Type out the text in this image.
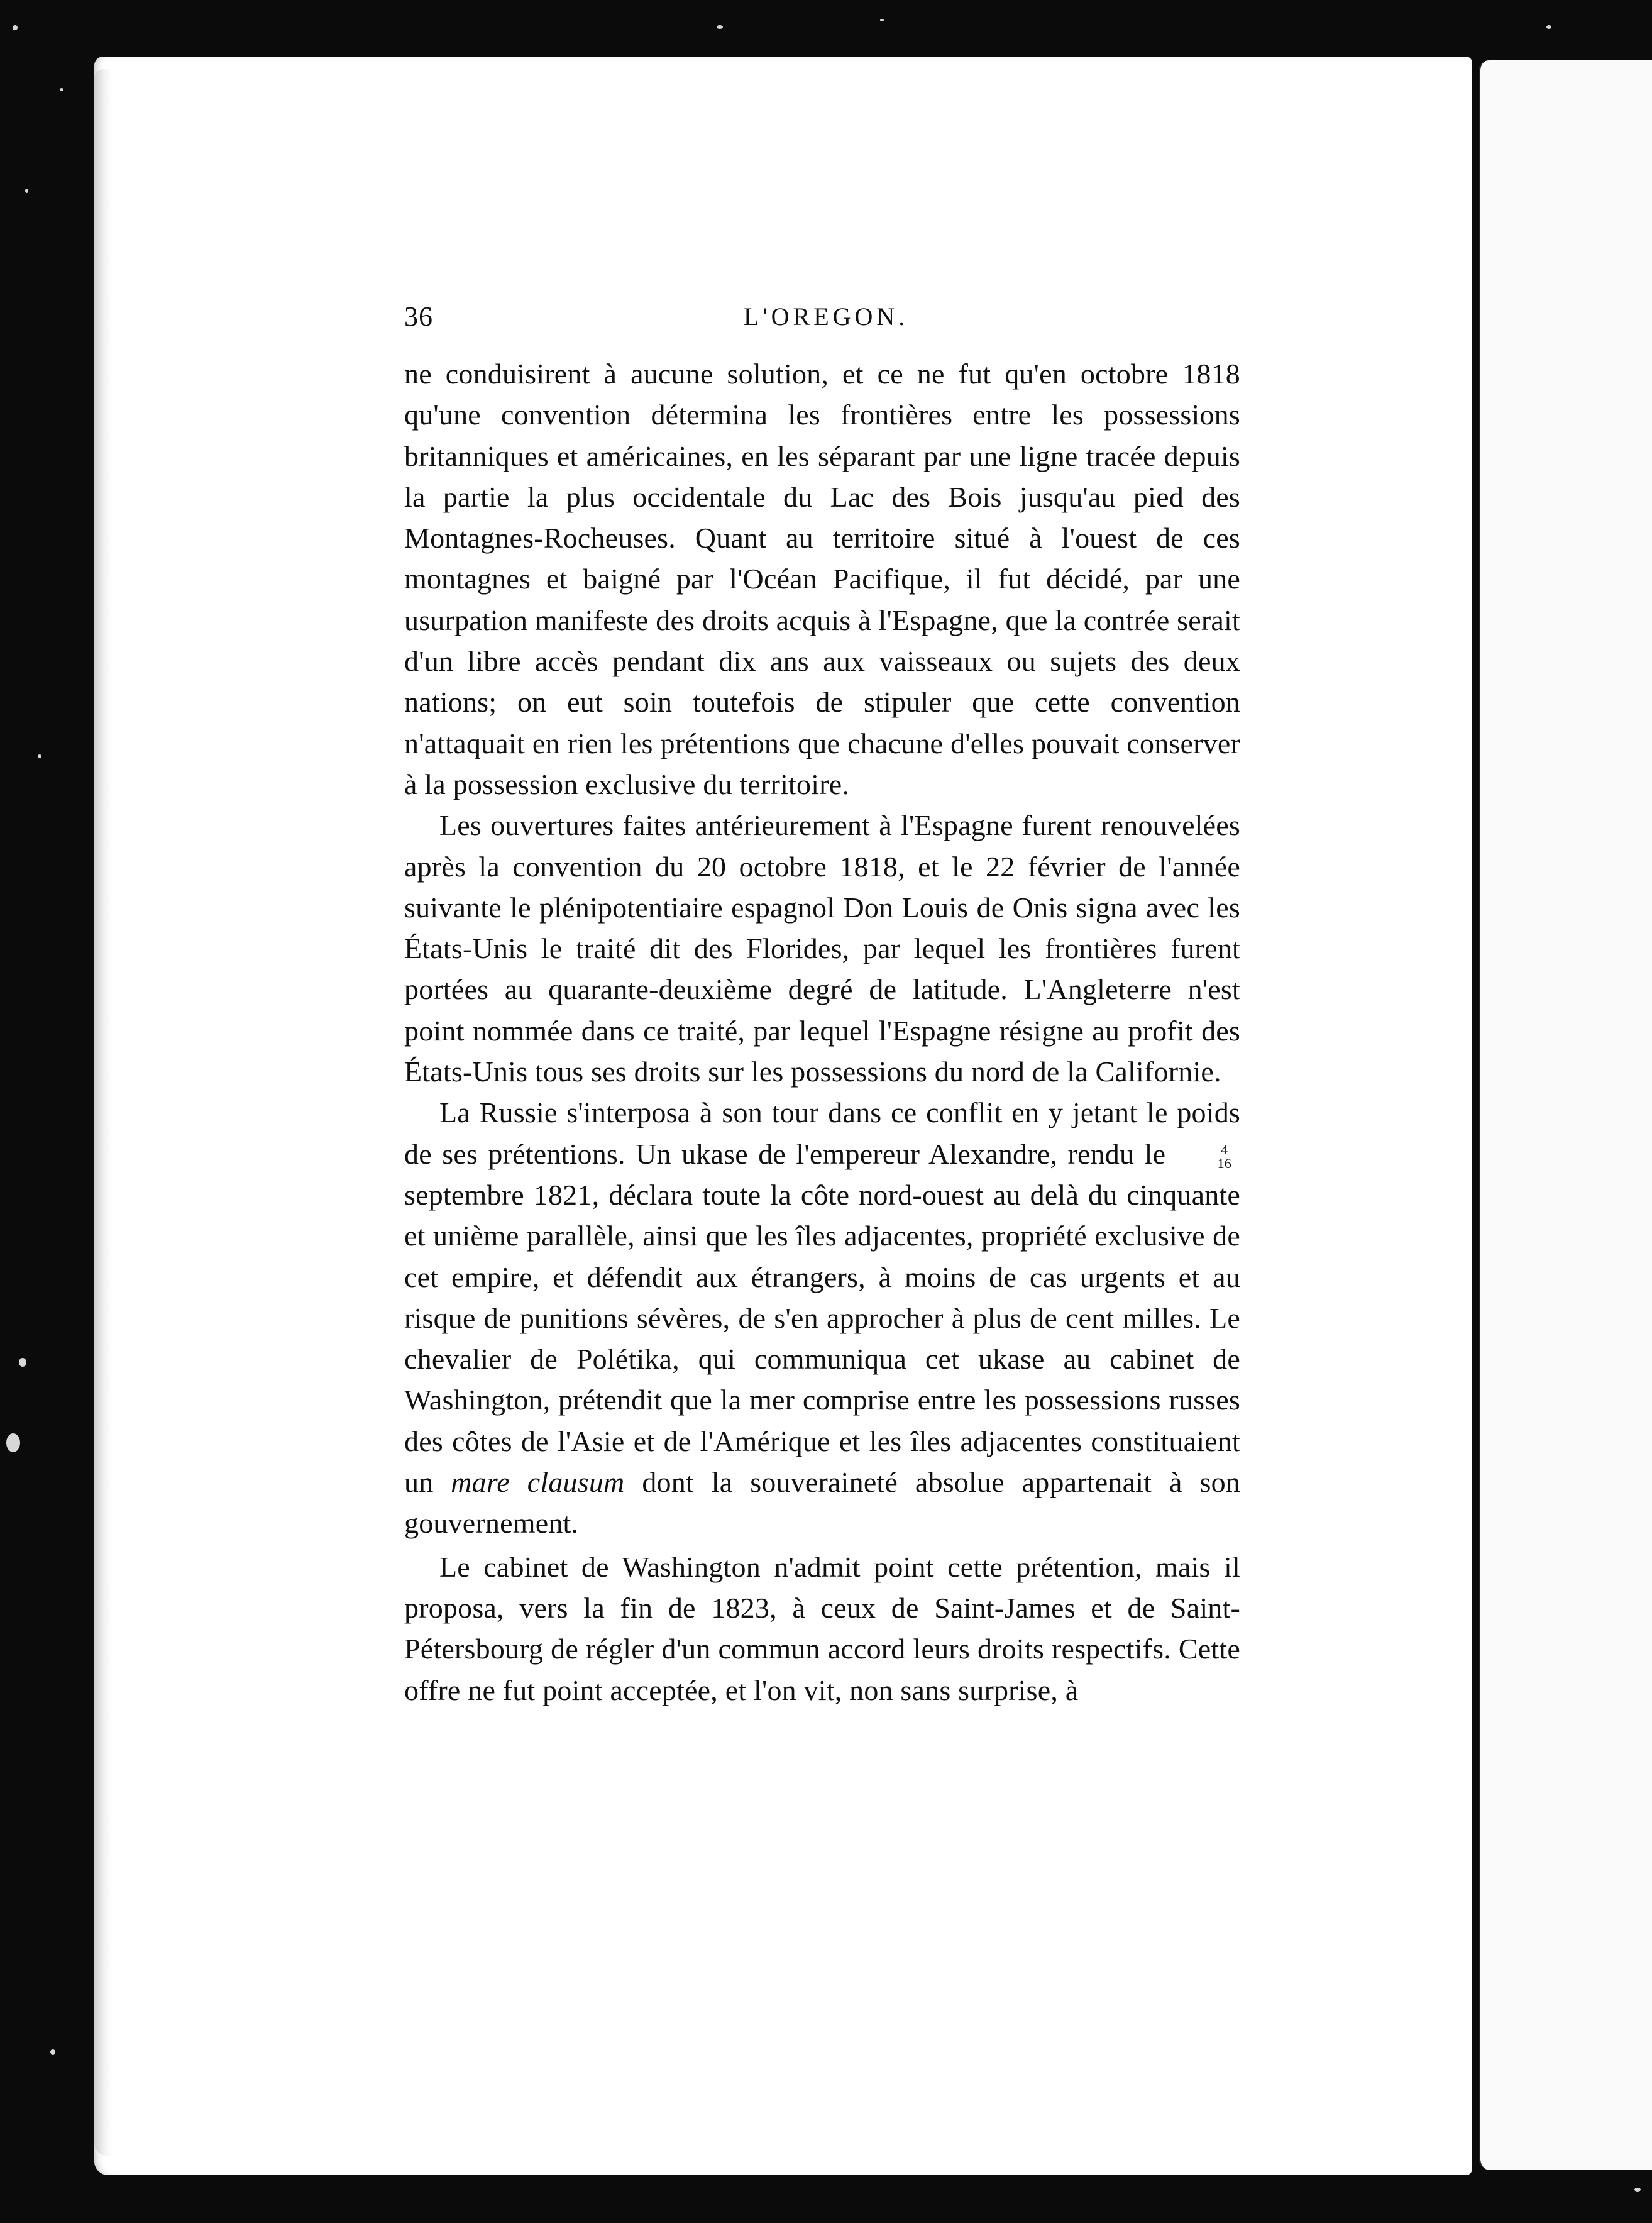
36	L'OREGON.

ne conduisirent à aucune solution, et ce ne fut qu'en octobre 1818 qu'une convention détermina les frontières entre les possessions britanniques et américaines, en les séparant par une ligne tracée depuis la partie la plus occidentale du Lac des Bois jusqu'au pied des Montagnes-Rocheuses. Quant au territoire situé à l'ouest de ces montagnes et baigné par l'Océan Pacifique, il fut décidé, par une usurpation manifeste des droits acquis à l'Espagne, que la contrée serait d'un libre accès pendant dix ans aux vaisseaux ou sujets des deux nations; on eut soin toutefois de stipuler que cette convention n'attaquait en rien les prétentions que chacune d'elles pouvait conserver à la possession exclusive du territoire.

Les ouvertures faites antérieurement à l'Espagne furent renouvelées après la convention du 20 octobre 1818, et le 22 février de l'année suivante le plénipotentiaire espagnol Don Louis de Onis signa avec les États-Unis le traité dit des Florides, par lequel les frontières furent portées au quarante-deuxième degré de latitude. L'Angleterre n'est point nommée dans ce traité, par lequel l'Espagne résigne au profit des États-Unis tous ses droits sur les possessions du nord de la Californie.

La Russie s'interposa à son tour dans ce conflit en y jetant le poids de ses prétentions. Un ukase de l'empereur Alexandre, rendu le	4
16
septembre 1821, déclara toute la côte nord-ouest au delà du cinquante et unième parallèle, ainsi que les îles adjacentes, propriété exclusive de cet empire, et défendit aux étrangers, à moins de cas urgents et au risque de punitions sévères, de s'en approcher à plus de cent milles. Le chevalier de Polétika, qui communiqua cet ukase au cabinet de Washington, prétendit que la mer comprise entre les possessions russes des côtes de l'Asie et de l'Amérique et les îles adjacentes constituaient un mare clausum dont la souveraineté absolue appartenait à son gouvernement.

Le cabinet de Washington n'admit point cette prétention, mais il proposa, vers la fin de 1823, à ceux de Saint-James et de Saint-Pétersbourg de régler d'un commun accord leurs droits respectifs. Cette offre ne fut point acceptée, et l'on vit, non sans surprise, à
